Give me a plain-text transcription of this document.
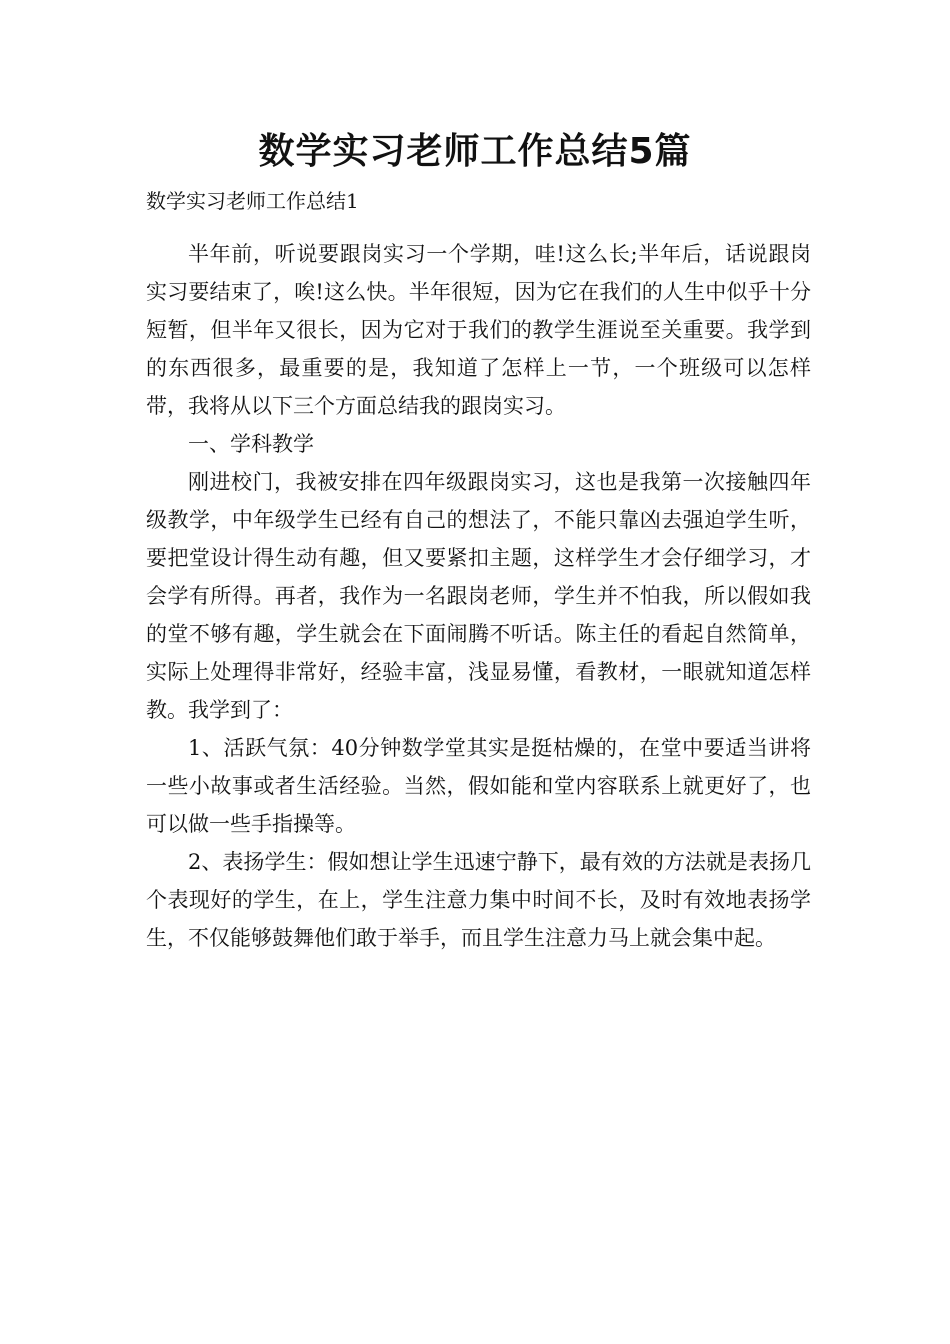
数学实习老师工作总结5篇
数学实习老师工作总结1

半年前，听说要跟岗实习一个学期，哇!这么长;半年后，话说跟岗实习要结束了，唉!这么快。半年很短，因为它在我们的人生中似乎十分短暂，但半年又很长，因为它对于我们的教学生涯说至关重要。我学到的东西很多，最重要的是，我知道了怎样上一节，一个班级可以怎样带，我将从以下三个方面总结我的跟岗实习。

一、学科教学

刚进校门，我被安排在四年级跟岗实习，这也是我第一次接触四年级教学，中年级学生已经有自己的想法了，不能只靠凶去强迫学生听，要把堂设计得生动有趣，但又要紧扣主题，这样学生才会仔细学习，才会学有所得。再者，我作为一名跟岗老师，学生并不怕我，所以假如我的堂不够有趣，学生就会在下面闹腾不听话。陈主任的看起自然简单，实际上处理得非常好，经验丰富，浅显易懂，看教材，一眼就知道怎样教。我学到了：

1、活跃气氛：40分钟数学堂其实是挺枯燥的，在堂中要适当讲将一些小故事或者生活经验。当然，假如能和堂内容联系上就更好了，也可以做一些手指操等。

2、表扬学生：假如想让学生迅速宁静下，最有效的方法就是表扬几个表现好的学生，在上，学生注意力集中时间不长，及时有效地表扬学生，不仅能够鼓舞他们敢于举手，而且学生注意力马上就会集中起。
